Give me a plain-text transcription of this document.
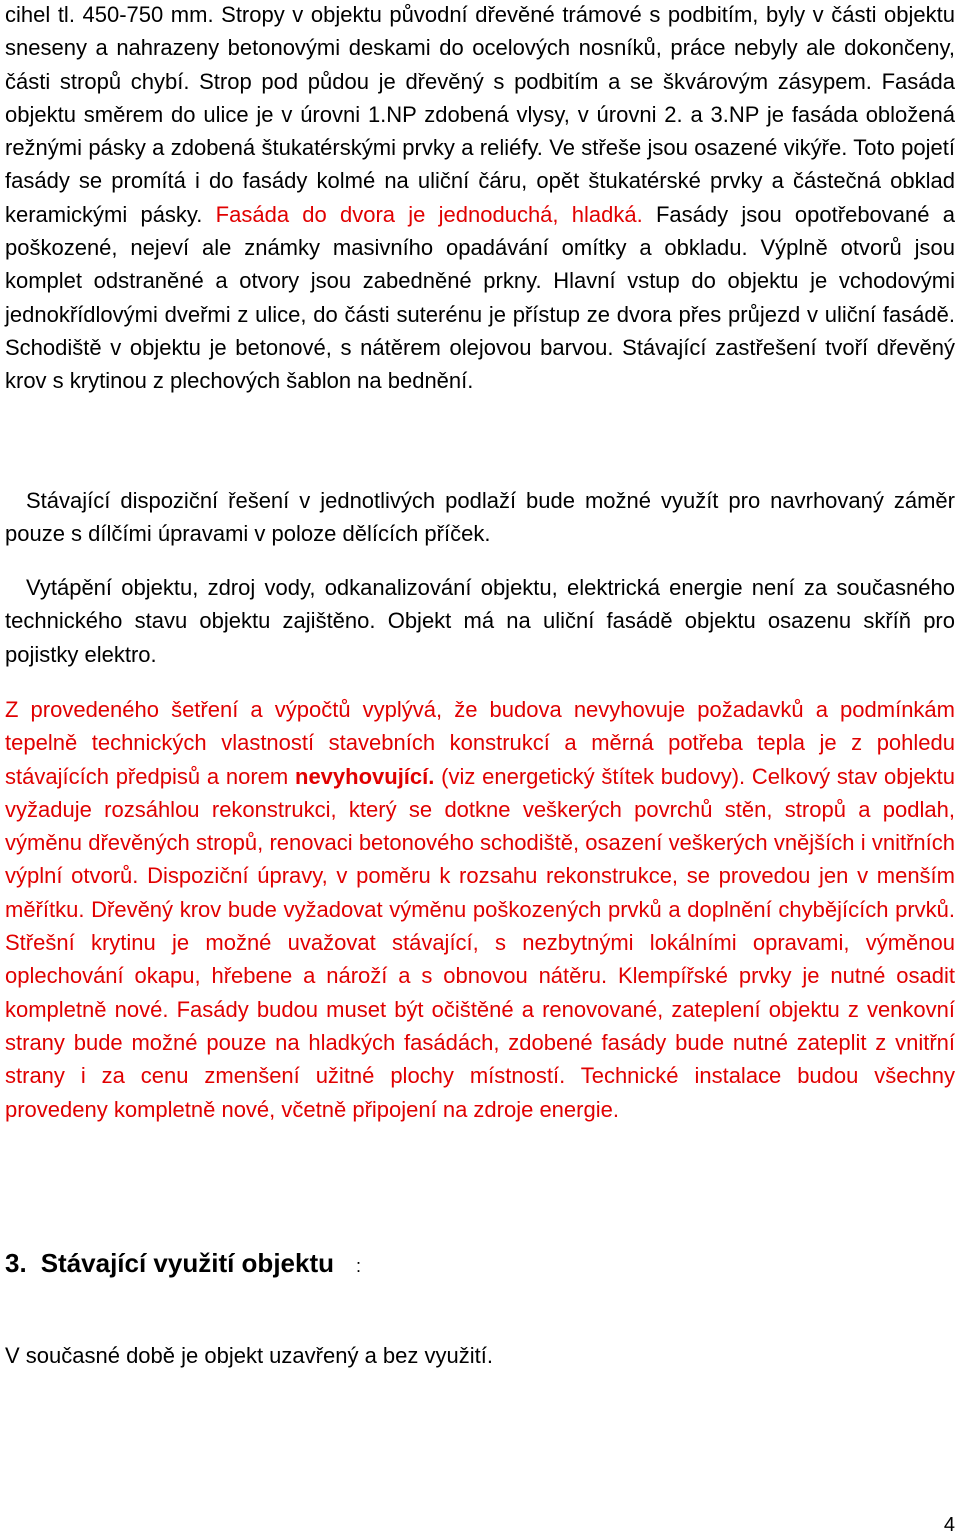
cihel tl. 450-750 mm. Stropy v objektu původní dřevěné trámové s podbitím, byly v části objektu sneseny a nahrazeny betonovými deskami do ocelových nosníků, práce nebyly ale dokončeny, části stropů chybí. Strop pod půdou je dřevěný s podbitím a se škvárovým zásypem. Fasáda objektu směrem do ulice je v úrovni 1.NP zdobená vlysy, v úrovni 2. a 3.NP je fasáda obložená režnými pásky a zdobená štukatérskými prvky a reliéfy. Ve střeše jsou osazené vikýře. Toto pojetí fasády se promítá i do fasády kolmé na uliční čáru, opět štukatérské prvky a částečná obklad keramickými pásky. Fasáda do dvora je jednoduchá, hladká. Fasády jsou opotřebované a poškozené, nejeví ale známky masivního opadávání omítky a obkladu. Výplně otvorů jsou komplet odstraněné a otvory jsou zabedněné prkny. Hlavní vstup do objektu je vchodovými jednokřídlovými dveřmi z ulice, do části suterénu je přístup ze dvora přes průjezd v uliční fasádě. Schodiště v objektu je betonové, s nátěrem olejovou barvou. Stávající zastřešení tvoří dřevěný krov s krytinou z plechových šablon na bednění.

Stávající dispoziční řešení v jednotlivých podlaží bude možné využít pro navrhovaný záměr pouze s dílčími úpravami v poloze dělících příček.

Vytápění objektu, zdroj vody, odkanalizování objektu, elektrická energie není za současného technického stavu objektu zajištěno. Objekt má na uliční fasádě objektu osazenu skříň pro pojistky elektro.

Z provedeného šetření a výpočtů vyplývá, že budova nevyhovuje požadavků a podmínkám tepelně technických vlastností stavebních konstrukcí a měrná potřeba tepla je z pohledu stávajících předpisů a norem nevyhovující. (viz energetický štítek budovy). Celkový stav objektu vyžaduje rozsáhlou rekonstrukci, který se dotkne veškerých povrchů stěn, stropů a podlah, výměnu dřevěných stropů, renovaci betonového schodiště, osazení veškerých vnějších i vnitřních výplní otvorů. Dispoziční úpravy, v poměru k rozsahu rekonstrukce, se provedou jen v menším měřítku. Dřevěný krov bude vyžadovat výměnu poškozených prvků a doplnění chybějících prvků. Střešní krytinu je možné uvažovat stávající, s nezbytnými lokálními opravami, výměnou oplechování okapu, hřebene a nároží a s obnovou nátěru. Klempířské prvky je nutné osadit kompletně nové. Fasády budou muset být očištěné a renovované, zateplení objektu z venkovní strany bude možné pouze na hladkých fasádách, zdobené fasády bude nutné zateplit z vnitřní strany i za cenu zmenšení užitné plochy místností. Technické instalace budou všechny provedeny kompletně nové, včetně připojení na zdroje energie.

3. Stávající využití objektu :

V současné době je objekt uzavřený a bez využití.

4
